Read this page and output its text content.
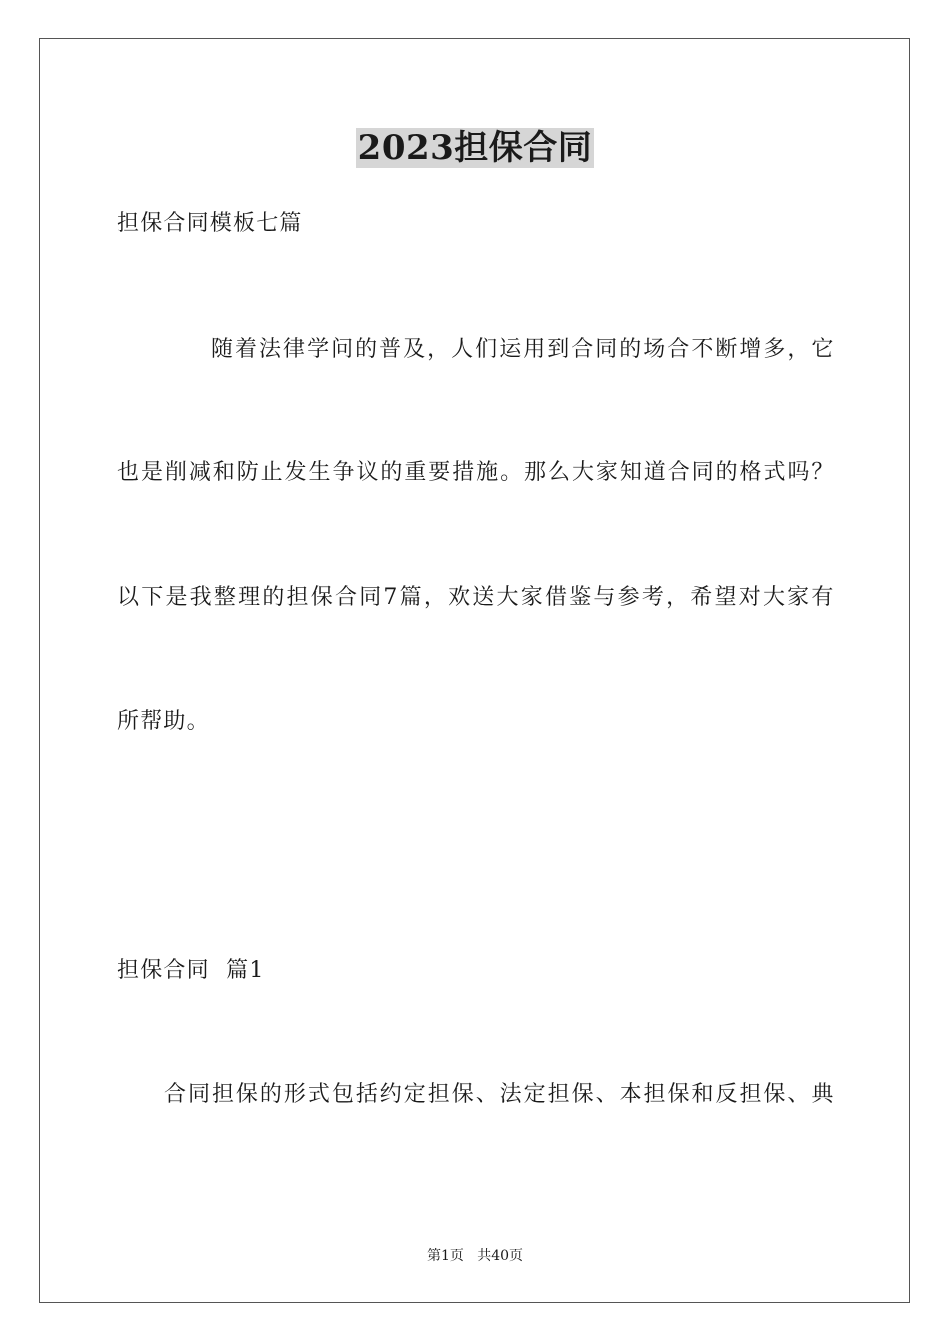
2023担保合同
担保合同模板七篇
随着法律学问的普及，人们运用到合同的场合不断增多，它
也是削减和防止发生争议的重要措施。那么大家知道合同的格式吗？
以下是我整理的担保合同7篇，欢送大家借鉴与参考，希望对大家有
所帮助。
担保合同  篇1
合同担保的形式包括约定担保、法定担保、本担保和反担保、典
第1页   共40页
